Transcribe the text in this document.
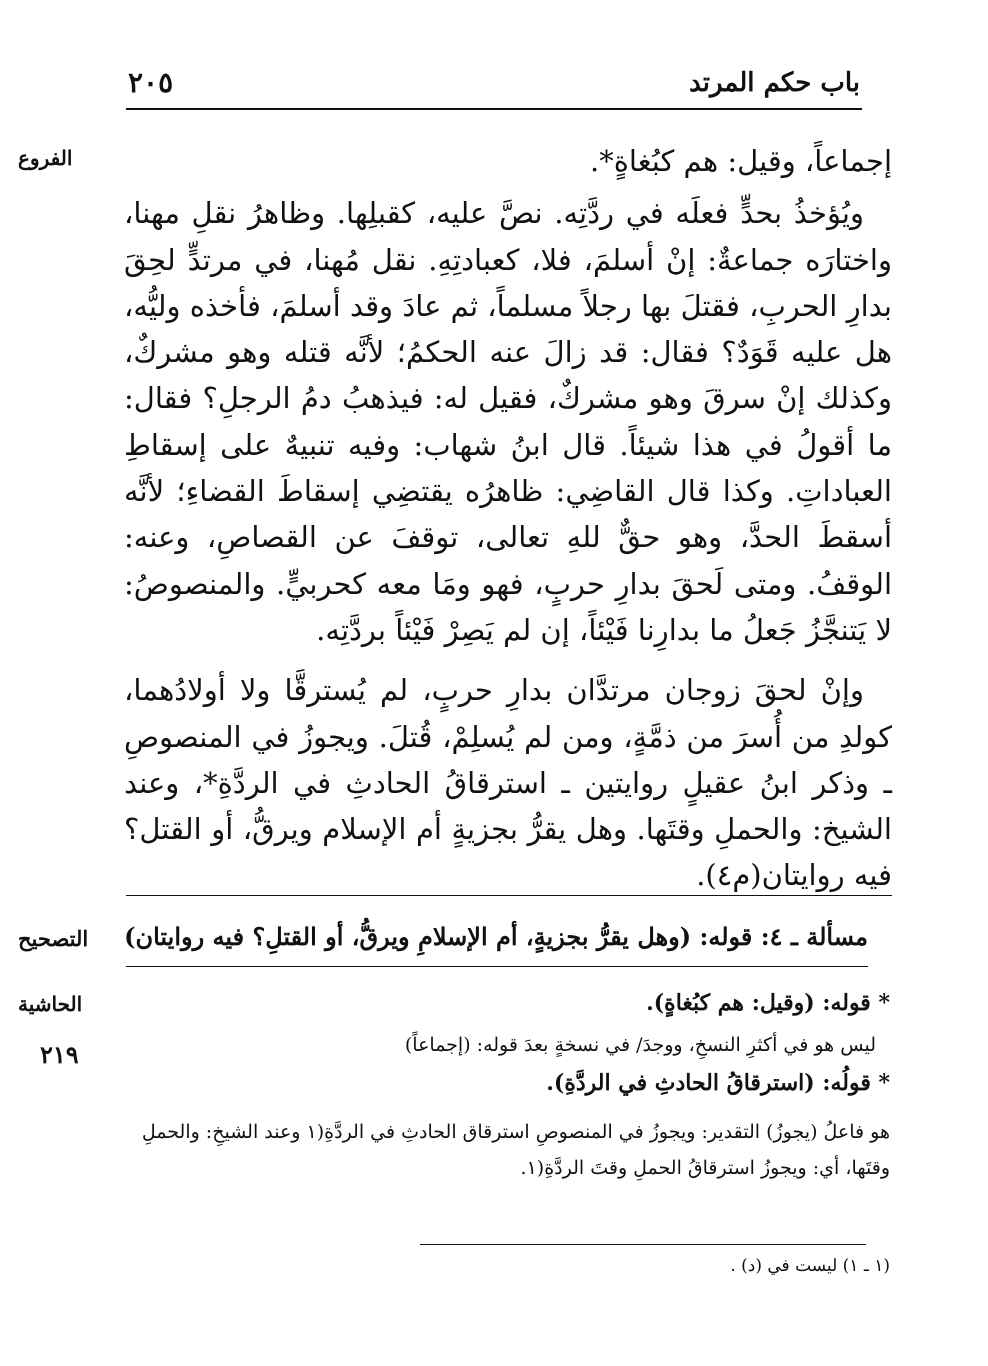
باب حكم المرتد
٢٠٥
الفروع	إجماعاً، وقيل: هم كبُغاةٍ*.

ويُؤخذُ بحدٍّ فعلَه في ردَّتِه. نصَّ عليه، كقبلِها. وظاهرُ نقلِ مهنا، واختارَه جماعةٌ: إنْ أسلمَ، فلا، كعبادتِهِ. نقل مُهنا، في مرتدٍّ لحِقَ بدارِ الحربِ، فقتلَ بها رجلاً مسلماً، ثم عادَ وقد أسلمَ، فأخذه وليُّه، هل عليه قَوَدٌ؟ فقال: قد زالَ عنه الحكمُ؛ لأنَّه قتله وهو مشركٌ، وكذلك إنْ سرقَ وهو مشركٌ، فقيل له: فيذهبُ دمُ الرجلِ؟ فقال: ما أقولُ في هذا شيئاً. قال ابنُ شهاب: وفيه تنبيهٌ على إسقاطِ العباداتِ. وكذا قال القاضِي: ظاهرُه يقتضِي إسقاطَ القضاءِ؛ لأنَّه أسقطَ الحدَّ، وهو حقٌّ للهِ تعالى، توقفَ عن القصاصِ، وعنه: الوقفُ. ومتى لَحقَ بدارِ حربٍ، فهو ومَا معه كحربيٍّ. والمنصوصُ: لا يَتنجَّزُ جَعلُ ما بدارِنا فَيْئاً، إن لم يَصِرْ فَيْئاً بردَّتِه.

وإنْ لحقَ زوجان مرتدَّان بدارِ حربٍ، لم يُسترقَّا ولا أولادُهما، كولدِ من أُسرَ من ذمَّةٍ، ومن لم يُسلِمْ، قُتلَ. ويجوزُ في المنصوصِ ـ وذكر ابنُ عقيلٍ روايتين ـ استرقاقُ الحادثِ في الردَّةِ*، وعند الشيخ: والحملِ وقتَها. وهل يقرُّ بجزيةٍ أم الإسلام ويرقُّ، أو القتل؟ فيه روايتان(م٤).

التصحيح	مسألة ـ ٤: قوله: (وهل يقرُّ بجزيةٍ، أم الإسلامِ ويرقُّ، أو القتلِ؟ فيه روايتان)
الحاشية
٢١٩

* قوله: (وقيل: هم كبُغاةٍ).

ليس هو في أكثرِ النسخِ، ووجدَ/ في نسخةٍ بعدَ قوله: (إجماعاً)

* قولُه: (استرقاقُ الحادثِ في الردَّةِ).

هو فاعلُ (يجوزُ) التقدير: ويجوزُ في المنصوصِ استرقاق الحادثِ في الردَّةِ(١ وعند الشيخِ: والحملِ وقتَها، أي: ويجوزُ استرقاقُ الحملِ وقتَ الردَّةِ(١.

(١ ـ ١) ليست في (د) .
